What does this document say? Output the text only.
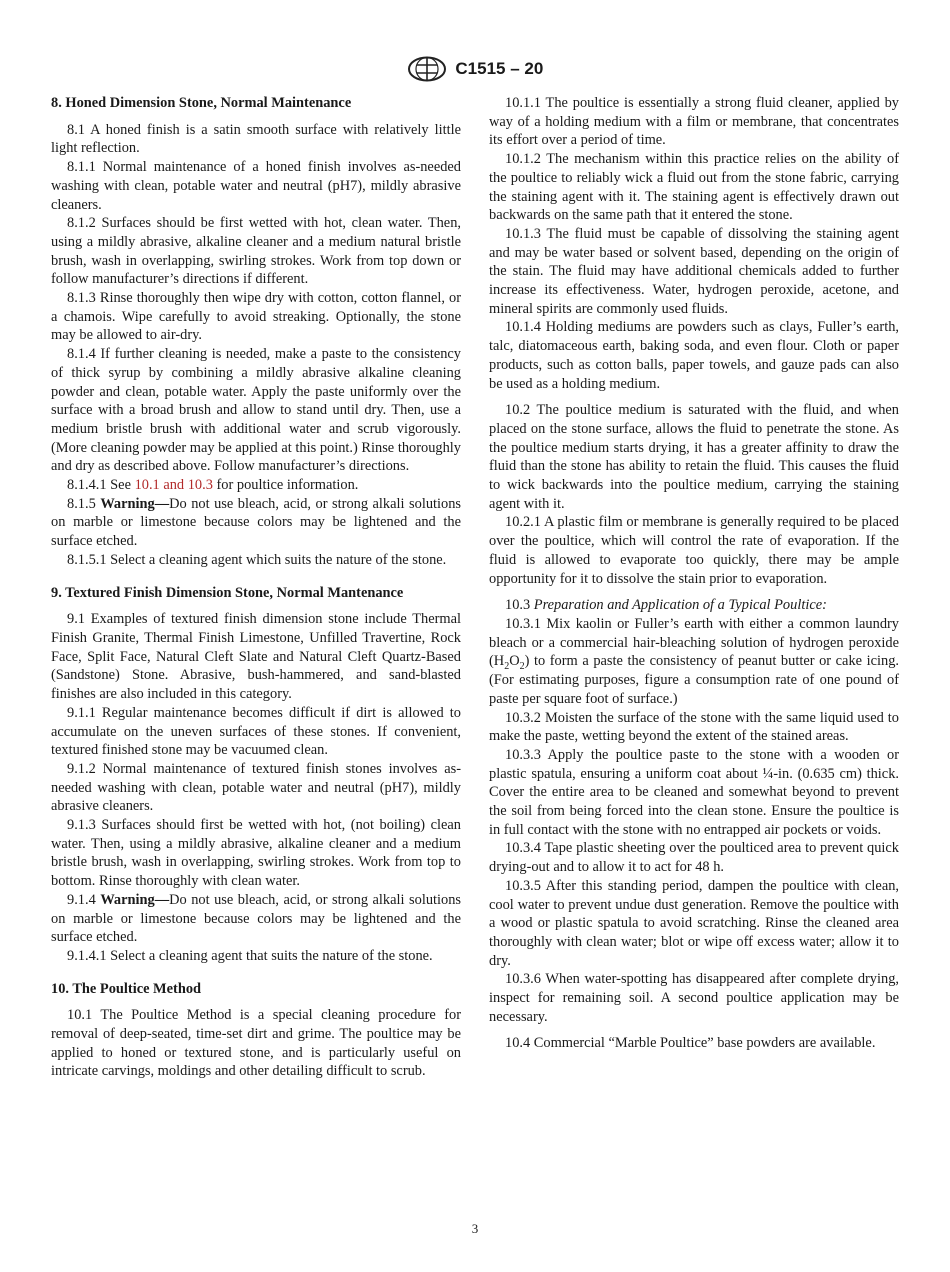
C1515 – 20
8. Honed Dimension Stone, Normal Maintenance

8.1 A honed finish is a satin smooth surface with relatively little light reflection.

8.1.1 Normal maintenance of a honed finish involves as-needed washing with clean, potable water and neutral (pH7), mildly abrasive cleaners.

8.1.2 Surfaces should be first wetted with hot, clean water. Then, using a mildly abrasive, alkaline cleaner and a medium natural bristle brush, wash in overlapping, swirling strokes. Work from top down or follow manufacturer’s directions if different.

8.1.3 Rinse thoroughly then wipe dry with cotton, cotton flannel, or a chamois. Wipe carefully to avoid streaking. Optionally, the stone may be allowed to air-dry.

8.1.4 If further cleaning is needed, make a paste to the consistency of thick syrup by combining a mildly abrasive alkaline cleaning powder and clean, potable water. Apply the paste uniformly over the surface with a broad brush and allow to stand until dry. Then, use a medium bristle brush with additional water and scrub vigorously. (More cleaning powder may be applied at this point.) Rinse thoroughly and dry as described above. Follow manufacturer’s directions.

8.1.4.1 See 10.1 and 10.3 for poultice information.

8.1.5 Warning—Do not use bleach, acid, or strong alkali solutions on marble or limestone because colors may be lightened and the surface etched.

8.1.5.1 Select a cleaning agent which suits the nature of the stone.

9. Textured Finish Dimension Stone, Normal Mantenance

9.1 Examples of textured finish dimension stone include Thermal Finish Granite, Thermal Finish Limestone, Unfilled Travertine, Rock Face, Split Face, Natural Cleft Slate and Natural Cleft Quartz-Based (Sandstone) Stone. Abrasive, bush-hammered, and sand-blasted finishes are also included in this category.

9.1.1 Regular maintenance becomes difficult if dirt is allowed to accumulate on the uneven surfaces of these stones. If convenient, textured finished stone may be vacuumed clean.

9.1.2 Normal maintenance of textured finish stones involves as-needed washing with clean, potable water and neutral (pH7), mildly abrasive cleaners.

9.1.3 Surfaces should first be wetted with hot, (not boiling) clean water. Then, using a mildly abrasive, alkaline cleaner and a medium bristle brush, wash in overlapping, swirling strokes. Work from top to bottom. Rinse thoroughly with clean water.

9.1.4 Warning—Do not use bleach, acid, or strong alkali solutions on marble or limestone because colors may be lightened and the surface etched.

9.1.4.1 Select a cleaning agent that suits the nature of the stone.

10. The Poultice Method

10.1 The Poultice Method is a special cleaning procedure for removal of deep-seated, time-set dirt and grime. The poultice may be applied to honed or textured stone, and is particularly useful on intricate carvings, moldings and other detailing difficult to scrub.

10.1.1 The poultice is essentially a strong fluid cleaner, applied by way of a holding medium with a film or membrane, that concentrates its effort over a period of time.

10.1.2 The mechanism within this practice relies on the ability of the poultice to reliably wick a fluid out from the stone fabric, carrying the staining agent with it. The staining agent is effectively drawn out backwards on the same path that it entered the stone.

10.1.3 The fluid must be capable of dissolving the staining agent and may be water based or solvent based, depending on the origin of the stain. The fluid may have additional chemicals added to further increase its effectiveness. Water, hydrogen peroxide, acetone, and mineral spirits are commonly used fluids.

10.1.4 Holding mediums are powders such as clays, Fuller’s earth, talc, diatomaceous earth, baking soda, and even flour. Cloth or paper products, such as cotton balls, paper towels, and gauze pads can also be used as a holding medium.

10.2 The poultice medium is saturated with the fluid, and when placed on the stone surface, allows the fluid to penetrate the stone. As the poultice medium starts drying, it has a greater affinity to draw the fluid than the stone has ability to retain the fluid. This causes the fluid to wick backwards into the poultice medium, carrying the staining agent with it.

10.2.1 A plastic film or membrane is generally required to be placed over the poultice, which will control the rate of evaporation. If the fluid is allowed to evaporate too quickly, there may be ample opportunity for it to dissolve the stain prior to evaporation.

10.3 Preparation and Application of a Typical Poultice:

10.3.1 Mix kaolin or Fuller’s earth with either a common laundry bleach or a commercial hair-bleaching solution of hydrogen peroxide $(H_2O_2)$ to form a paste the consistency of peanut butter or cake icing. (For estimating purposes, figure a consumption rate of one pound of paste per square foot of surface.)

10.3.2 Moisten the surface of the stone with the same liquid used to make the paste, wetting beyond the extent of the stained areas.

10.3.3 Apply the poultice paste to the stone with a wooden or plastic spatula, ensuring a uniform coat about ¼-in. (0.635 cm) thick. Cover the entire area to be cleaned and somewhat beyond to prevent the soil from being forced into the clean stone. Ensure the poultice is in full contact with the stone with no entrapped air pockets or voids.

10.3.4 Tape plastic sheeting over the poulticed area to prevent quick drying-out and to allow it to act for 48 h.

10.3.5 After this standing period, dampen the poultice with clean, cool water to prevent undue dust generation. Remove the poultice with a wood or plastic spatula to avoid scratching. Rinse the cleaned area thoroughly with clean water; blot or wipe off excess water; allow it to dry.

10.3.6 When water-spotting has disappeared after complete drying, inspect for remaining soil. A second poultice application may be necessary.

10.4 Commercial “Marble Poultice” base powders are available.

3
